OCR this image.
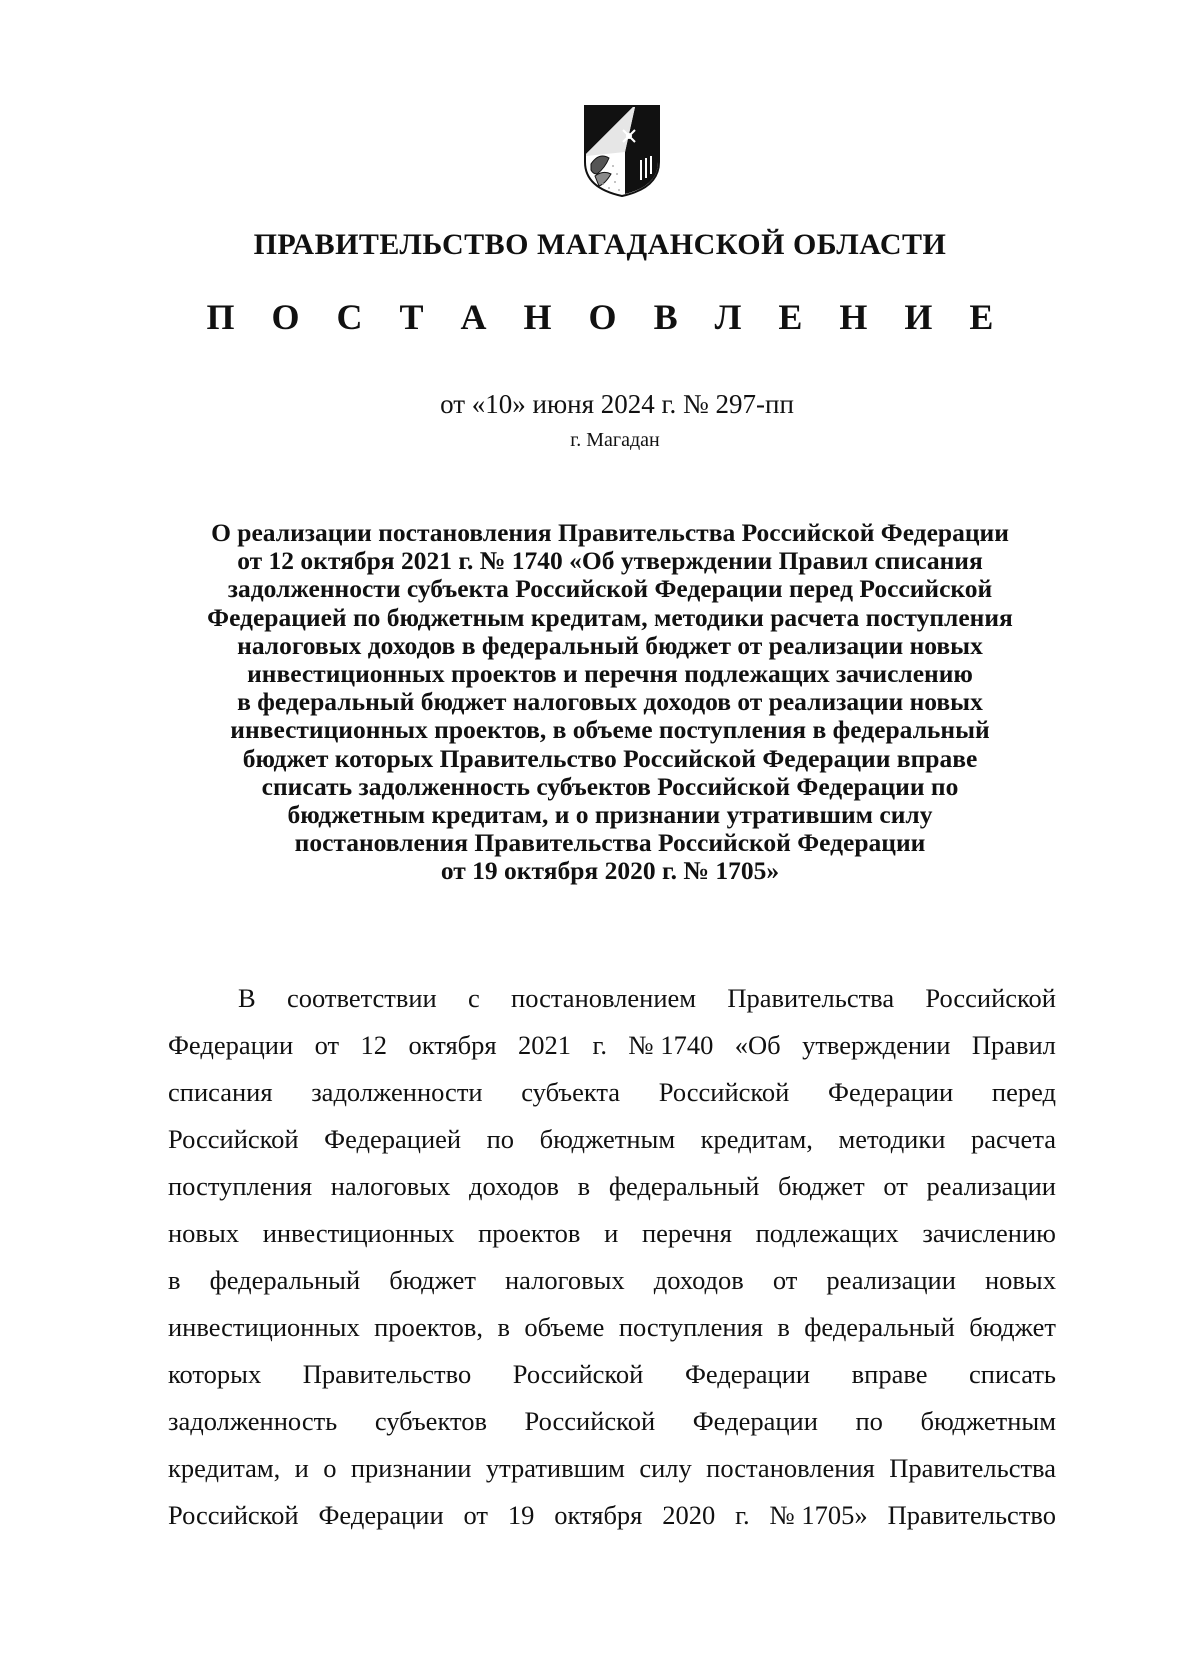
ПРАВИТЕЛЬСТВО МАГАДАНСКОЙ ОБЛАСТИ
П О С Т А Н О В Л Е Н И Е

от «10» июня 2024 г. № 297-пп

г. Магадан

О реализации постановления Правительства Российской Федерации
от 12 октября 2021 г. № 1740 «Об утверждении Правил списания
задолженности субъекта Российской Федерации перед Российской
Федерацией по бюджетным кредитам, методики расчета поступления
налоговых доходов в федеральный бюджет от реализации новых
инвестиционных проектов и перечня подлежащих зачислению
в федеральный бюджет налоговых доходов от реализации новых
инвестиционных проектов, в объеме поступления в федеральный
бюджет которых Правительство Российской Федерации вправе
списать задолженность субъектов Российской Федерации по
бюджетным кредитам, и о признании утратившим силу
постановления Правительства Российской Федерации
от 19 октября 2020 г. № 1705»
В соответствии с постановлением Правительства Российской
Федерации от 12 октября 2021 г. № 1740 «Об утверждении Правил
списания задолженности субъекта Российской Федерации перед
Российской Федерацией по бюджетным кредитам, методики расчета
поступления налоговых доходов в федеральный бюджет от реализации
новых инвестиционных проектов и перечня подлежащих зачислению
в федеральный бюджет налоговых доходов от реализации новых
инвестиционных проектов, в объеме поступления в федеральный бюджет
которых Правительство Российской Федерации вправе списать
задолженность субъектов Российской Федерации по бюджетным
кредитам, и о признании утратившим силу постановления Правительства
Российской Федерации от 19 октября 2020 г. № 1705» Правительство
